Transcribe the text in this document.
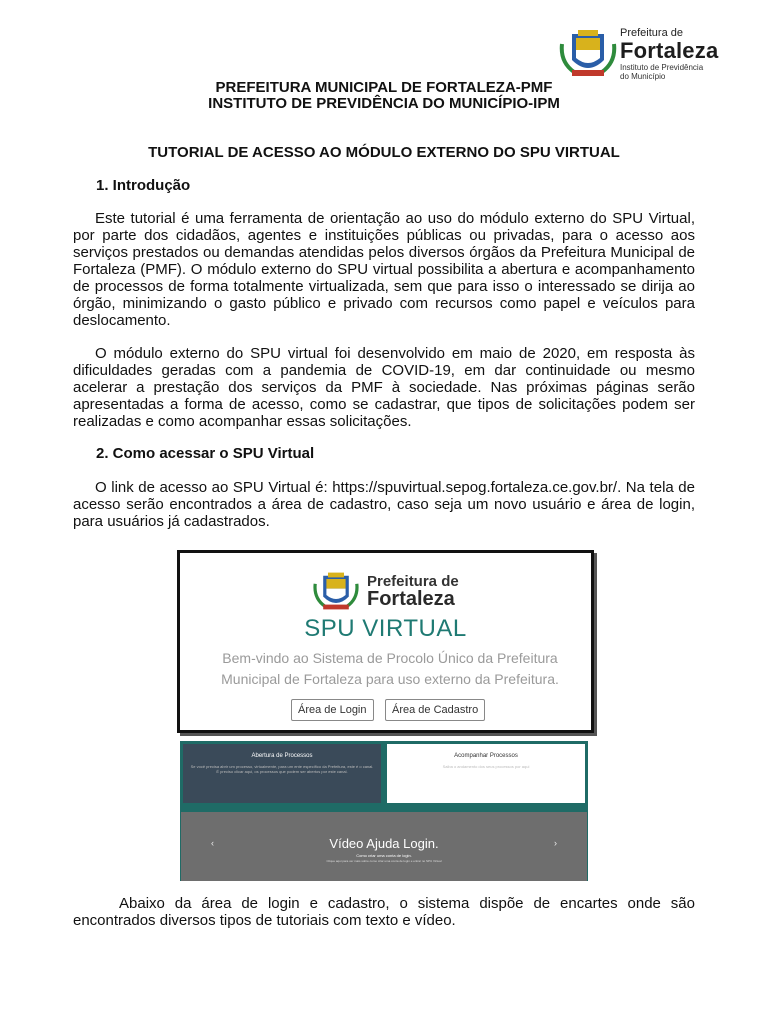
Prefeitura de
Fortaleza
Instituto de Previdência do Município
PREFEITURA MUNICIPAL DE FORTALEZA-PMF
INSTITUTO DE PREVIDÊNCIA DO MUNICÍPIO-IPM
TUTORIAL DE ACESSO AO MÓDULO EXTERNO DO SPU VIRTUAL
1. Introdução

Este tutorial é uma ferramenta de orientação ao uso do módulo externo do SPU Virtual, por parte dos cidadãos, agentes e instituições públicas ou privadas, para o acesso aos serviços prestados ou demandas atendidas pelos diversos órgãos da Prefeitura Municipal de Fortaleza (PMF). O módulo externo do SPU virtual possibilita a abertura e acompanhamento de processos de forma totalmente virtualizada, sem que para isso o interessado se dirija ao órgão, minimizando o gasto público e privado com recursos como papel e veículos para deslocamento.

O módulo externo do SPU virtual foi desenvolvido em maio de 2020, em resposta às dificuldades geradas com a pandemia de COVID-19, em dar continuidade ou mesmo acelerar a prestação dos serviços da PMF à sociedade. Nas próximas páginas serão apresentadas a forma de acesso, como se cadastrar, que tipos de solicitações podem ser realizadas e como acompanhar essas solicitações.

2. Como acessar o SPU Virtual

O link de acesso ao SPU Virtual é: https://spuvirtual.sepog.fortaleza.ce.gov.br/. Na tela de acesso serão encontrados a área de cadastro, caso seja um novo usuário e área de login, para usuários já cadastrados.

Prefeitura de
Fortaleza
SPU VIRTUAL
Bem-vindo ao Sistema de Procolo Único da Prefeitura Municipal de Fortaleza para uso externo da Prefeitura.
Área de Login	Área de Cadastro
Abertura de Processos
Se você precisa abrir um processo, virtualmente, para um ente específico da Prefeitura, este é o canal. É preciso clicar aqui, os processos que podem ser abertos por este canal.
Acompanhar Processos
Saiba o andamento dos seus processos por aqui
‹	Vídeo Ajuda Login.
Como criar uma conta de login.
Clique aqui para ver mais sobre como criar uma conta de login e entrar no SPU Virtual
›

Abaixo da área de login e cadastro, o sistema dispõe de encartes onde são encontrados diversos tipos de tutoriais com texto e vídeo.
